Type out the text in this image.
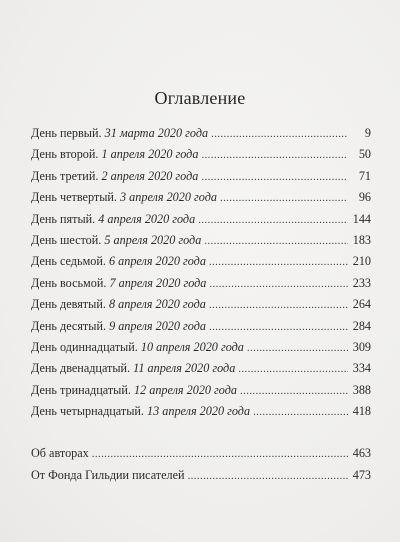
Оглавление
День первый. 31 марта 2020 года . . .	9
День второй. 1 апреля 2020 года . . .	50
День третий. 2 апреля 2020 года . . .	71
День четвертый. 3 апреля 2020 года . . .	96
День пятый. 4 апреля 2020 года . . .	144
День шестой. 5 апреля 2020 года . . .	183
День седьмой. 6 апреля 2020 года . . .	210
День восьмой. 7 апреля 2020 года . . .	233
День девятый. 8 апреля 2020 года . . .	264
День десятый. 9 апреля 2020 года . . .	284
День одиннадцатый. 10 апреля 2020 года . . .	309
День двенадцатый. 11 апреля 2020 года . . .	334
День тринадцатый. 12 апреля 2020 года . . .	388
День четырнадцатый. 13 апреля 2020 года . . .	418
Об авторах . . .	463
От Фонда Гильдии писателей . . .	473
